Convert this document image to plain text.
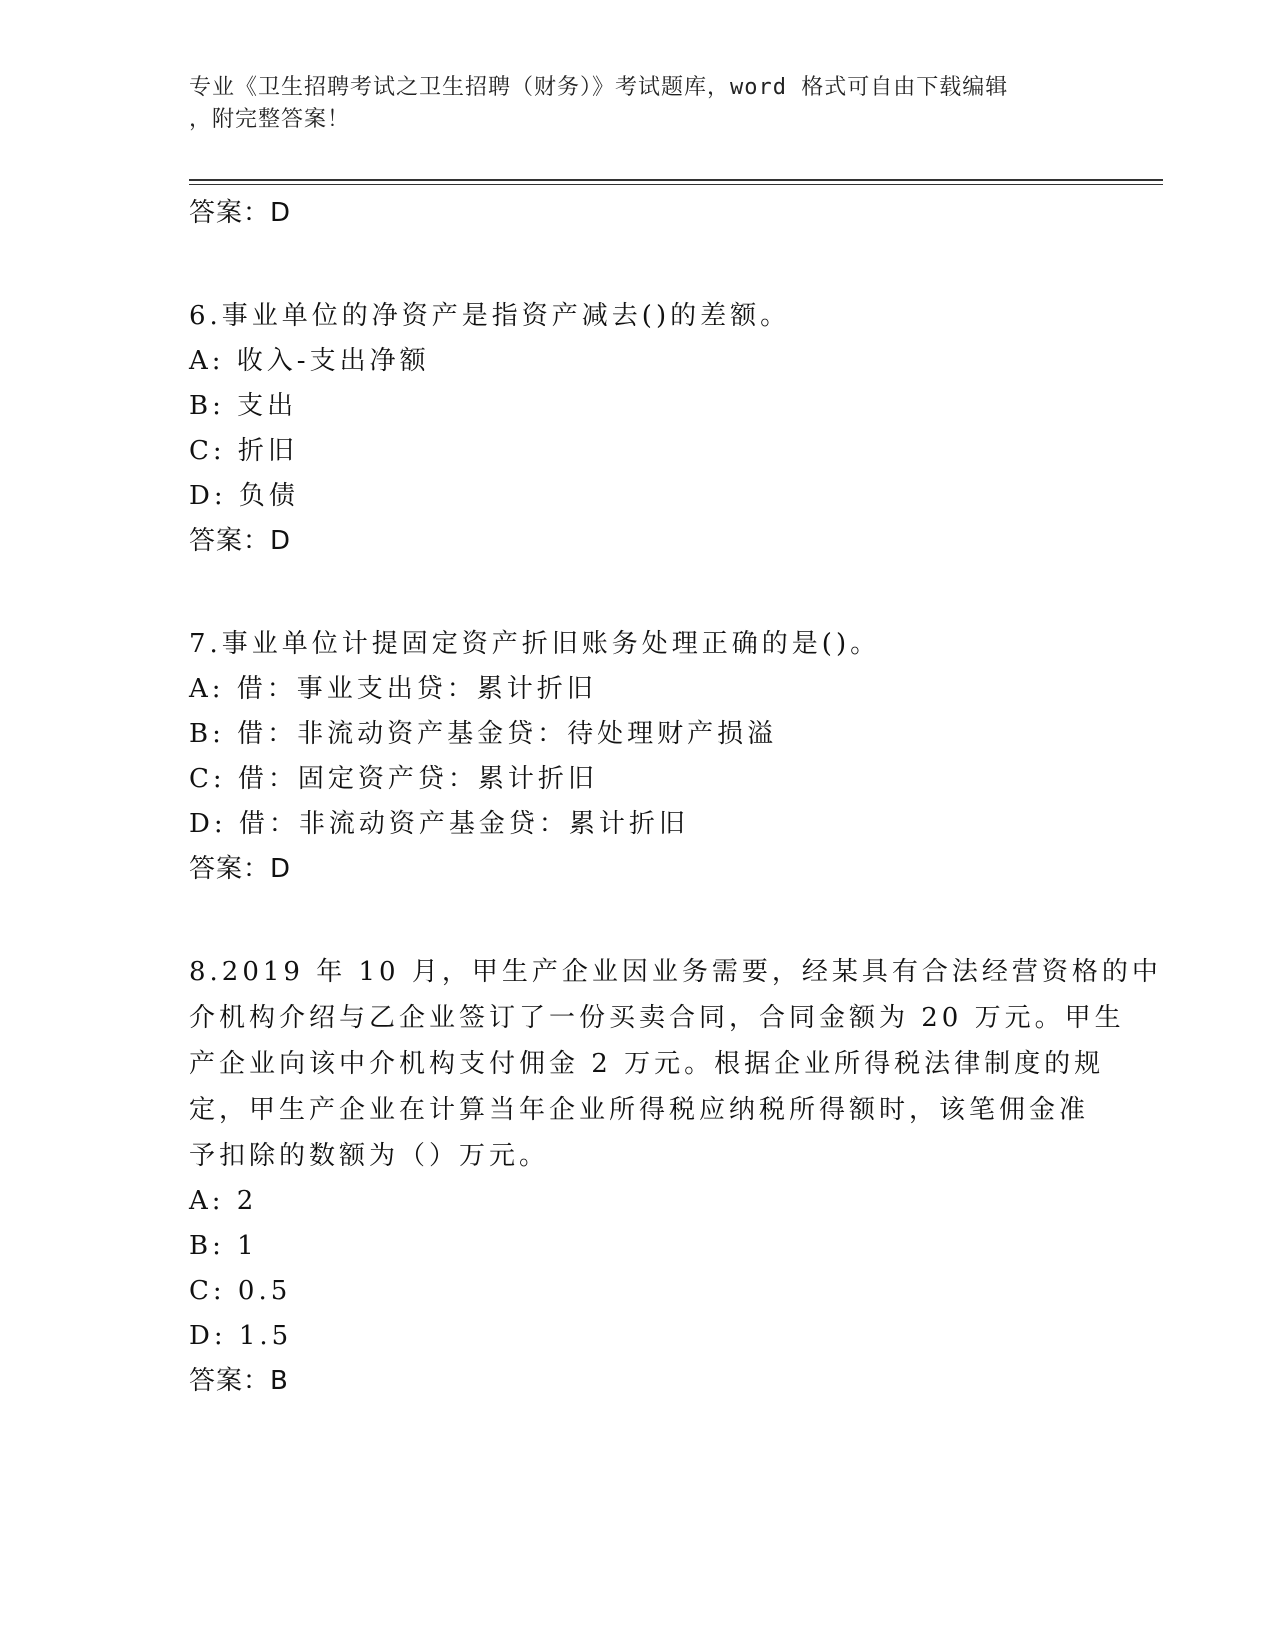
专业《卫生招聘考试之卫生招聘（财务）》考试题库，word 格式可自由下载编辑
，附完整答案！
答案：D
6.事业单位的净资产是指资产减去()的差额。
A: 收入-支出净额
B: 支出
C: 折旧
D: 负债
答案：D
7.事业单位计提固定资产折旧账务处理正确的是()。
A: 借：事业支出贷：累计折旧
B: 借：非流动资产基金贷：待处理财产损溢
C: 借：固定资产贷：累计折旧
D: 借：非流动资产基金贷：累计折旧
答案：D
8.2019 年 10 月，甲生产企业因业务需要，经某具有合法经营资格的中
介机构介绍与乙企业签订了一份买卖合同，合同金额为 20 万元。甲生
产企业向该中介机构支付佣金 2 万元。根据企业所得税法律制度的规
定，甲生产企业在计算当年企业所得税应纳税所得额时，该笔佣金准
予扣除的数额为（）万元。
A: 2
B: 1
C: 0.5
D: 1.5
答案：B
